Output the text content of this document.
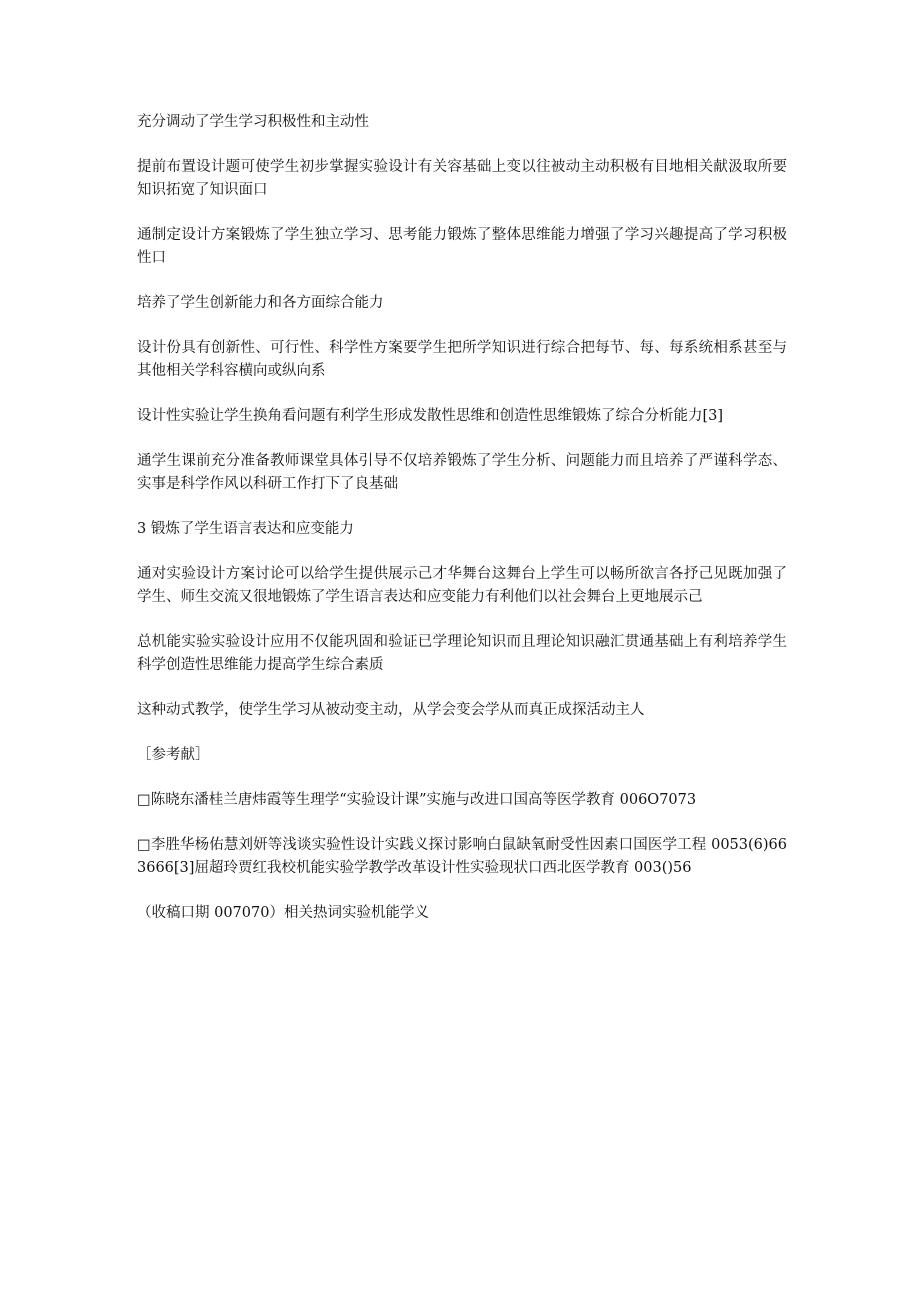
充分调动了学生学习积极性和主动性

提前布置设计题可使学生初步掌握实验设计有关容基础上变以往被动主动积极有目地相关献汲取所要知识拓宽了知识面口

通制定设计方案锻炼了学生独立学习、思考能力锻炼了整体思维能力增强了学习兴趣提高了学习积极性口

培养了学生创新能力和各方面综合能力

设计份具有创新性、可行性、科学性方案要学生把所学知识进行综合把每节、每、每系统相系甚至与其他相关学科容横向或纵向系

设计性实验让学生换角看问题有利学生形成发散性思维和创造性思维锻炼了综合分析能力[3]

通学生课前充分准备教师课堂具体引导不仅培养锻炼了学生分析、问题能力而且培养了严谨科学态、实事是科学作风以科研工作打下了良基础

3 锻炼了学生语言表达和应变能力

通对实验设计方案讨论可以给学生提供展示己才华舞台这舞台上学生可以畅所欲言各抒己见既加强了学生、师生交流又很地锻炼了学生语言表达和应变能力有利他们以社会舞台上更地展示己

总机能实验实验设计应用不仅能巩固和验证已学理论知识而且理论知识融汇贯通基础上有利培养学生科学创造性思维能力提高学生综合素质

这种动式教学，使学生学习从被动变主动，从学会变会学从而真正成探活动主人

［参考献］

□陈晓东潘桂兰唐炜霞等生理学“实验设计课”实施与改进口国高等医学教育 006O7073

□李胜华杨佑慧刘妍等浅谈实验性设计实践义探讨影响白鼠缺氧耐受性因素口国医学工程 0053(6)663666[3]屈超玲贾红我校机能实验学教学改革设计性实验现状口西北医学教育 003()56

（收稿口期 007070）相关热词实验机能学义
